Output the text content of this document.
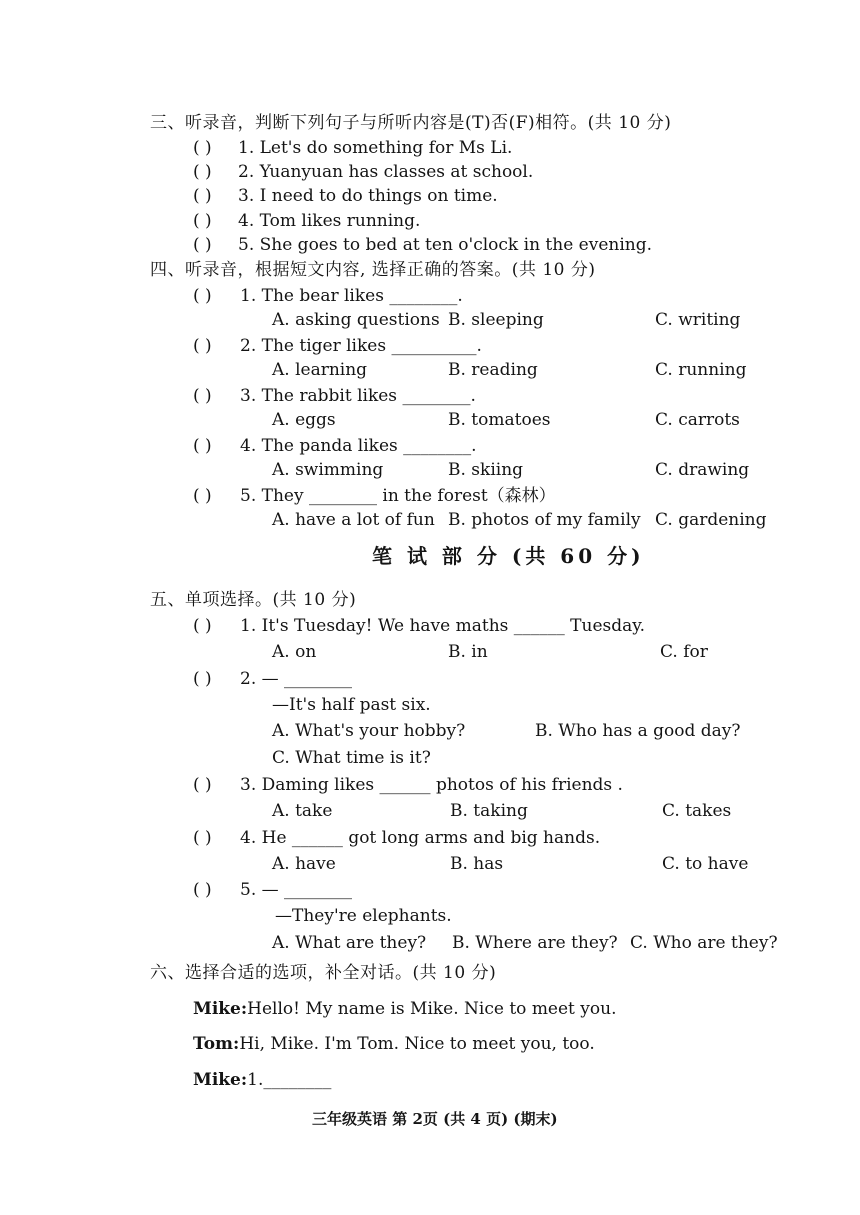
三、听录音，判断下列句子与所听内容是(T)否(F)相符。(共 10 分)
( ) 1. Let's do something for Ms Li.
( ) 2. Yuanyuan has classes at school.
( ) 3. I need to do things on time.
( ) 4. Tom likes running.
( ) 5. She goes to bed at ten o'clock in the evening.
四、听录音，根据短文内容, 选择正确的答案。(共 10 分)
( ) 1. The bear likes ________.
A. asking questions B. sleeping	C. writing
( ) 2. The tiger likes __________.
A. learning	B. reading	C. running
( ) 3. The rabbit likes ________.
A. eggs	B. tomatoes	C. carrots
( ) 4. The panda likes ________.
A. swimming	B. skiing	C. drawing
( ) 5. They ________ in the forest（森林）
A. have a lot of fun B. photos of my family C. gardening
笔 试 部 分 (共 60 分)
五、单项选择。(共 10 分)
( ) 1. It's Tuesday! We have maths ______ Tuesday.
A. on	B. in	C. for
( ) 2. — ________
—It's half past six.
A. What's your hobby?	B. Who has a good day?
C. What time is it?
( ) 3. Daming likes ______ photos of his friends .
A. take	B. taking	C. takes
( ) 4. He ______ got long arms and big hands.
A. have	B. has	C. to have
( ) 5. — ________
—They're elephants.
A. What are they? B. Where are they? C. Who are they?
六、选择合适的选项，补全对话。(共 10 分)
Mike:Hello! My name is Mike. Nice to meet you.
Tom:Hi, Mike. I'm Tom. Nice to meet you, too.
Mike:1.________
三年级英语 第 2页 (共 4 页) (期末)
